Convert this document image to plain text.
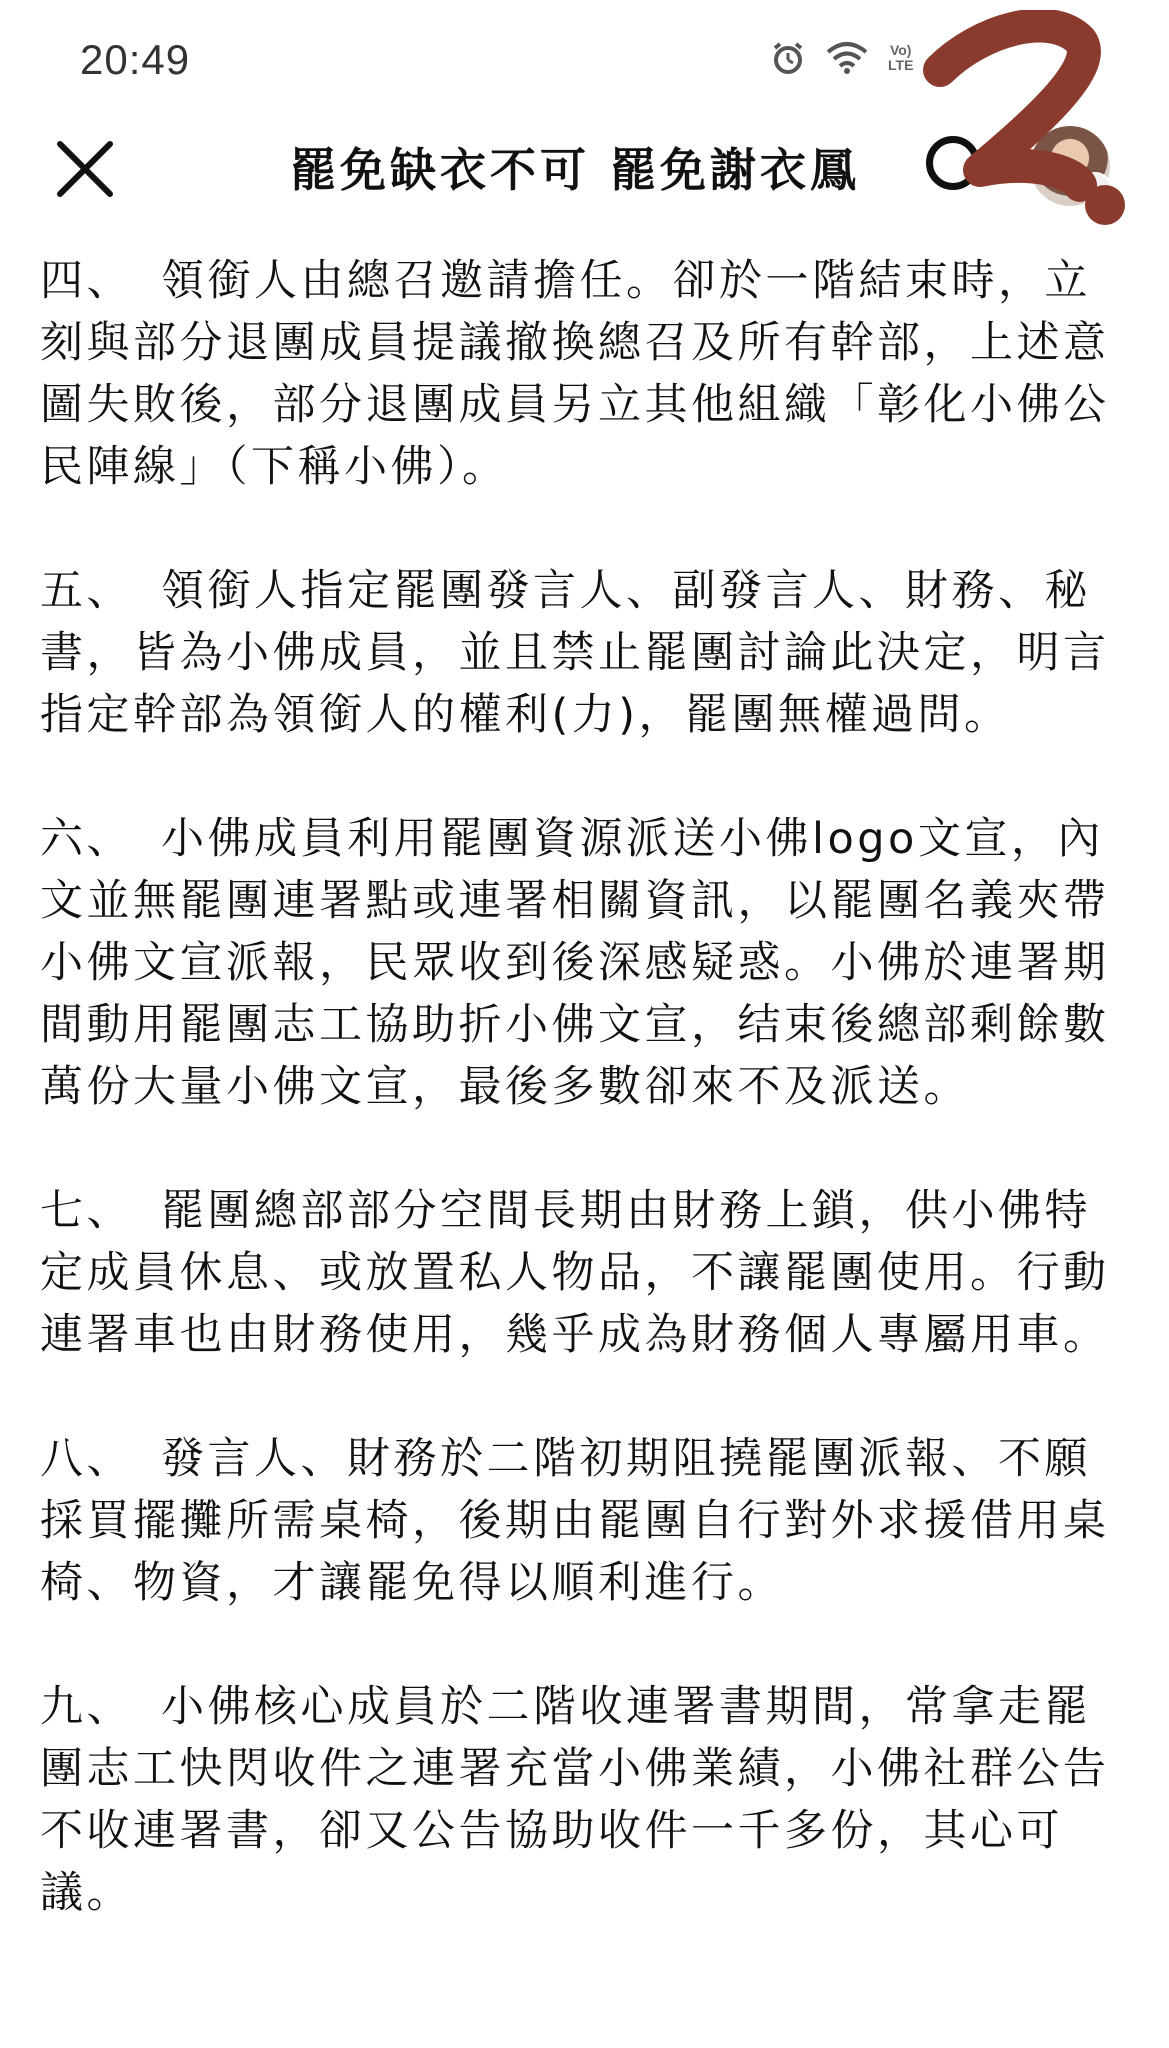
20:49	Vo)
LTE
罷免缺衣不可 罷免謝衣鳳

四、 領銜人由總召邀請擔任。卻於一階結束時，立刻與部分退團成員提議撤換總召及所有幹部，上述意圖失敗後，部分退團成員另立其他組織「彰化小佛公民陣線」（下稱小佛）。

五、 領銜人指定罷團發言人、副發言人、財務、秘書，皆為小佛成員，並且禁止罷團討論此決定，明言指定幹部為領銜人的權利(力)，罷團無權過問。

六、 小佛成員利用罷團資源派送小佛logo文宣，內文並無罷團連署點或連署相關資訊，以罷團名義夾帶小佛文宣派報，民眾收到後深感疑惑。小佛於連署期間動用罷團志工協助折小佛文宣，结束後總部剩餘數萬份大量小佛文宣，最後多數卻來不及派送。

七、 罷團總部部分空間長期由財務上鎖，供小佛特定成員休息、或放置私人物品，不讓罷團使用。行動連署車也由財務使用，幾乎成為財務個人專屬用車。

八、 發言人、財務於二階初期阻撓罷團派報、不願採買擺攤所需桌椅，後期由罷團自行對外求援借用桌椅、物資，才讓罷免得以順利進行。

九、 小佛核心成員於二階收連署書期間，常拿走罷團志工快閃收件之連署充當小佛業績，小佛社群公告不收連署書，卻又公告協助收件一千多份，其心可議。
